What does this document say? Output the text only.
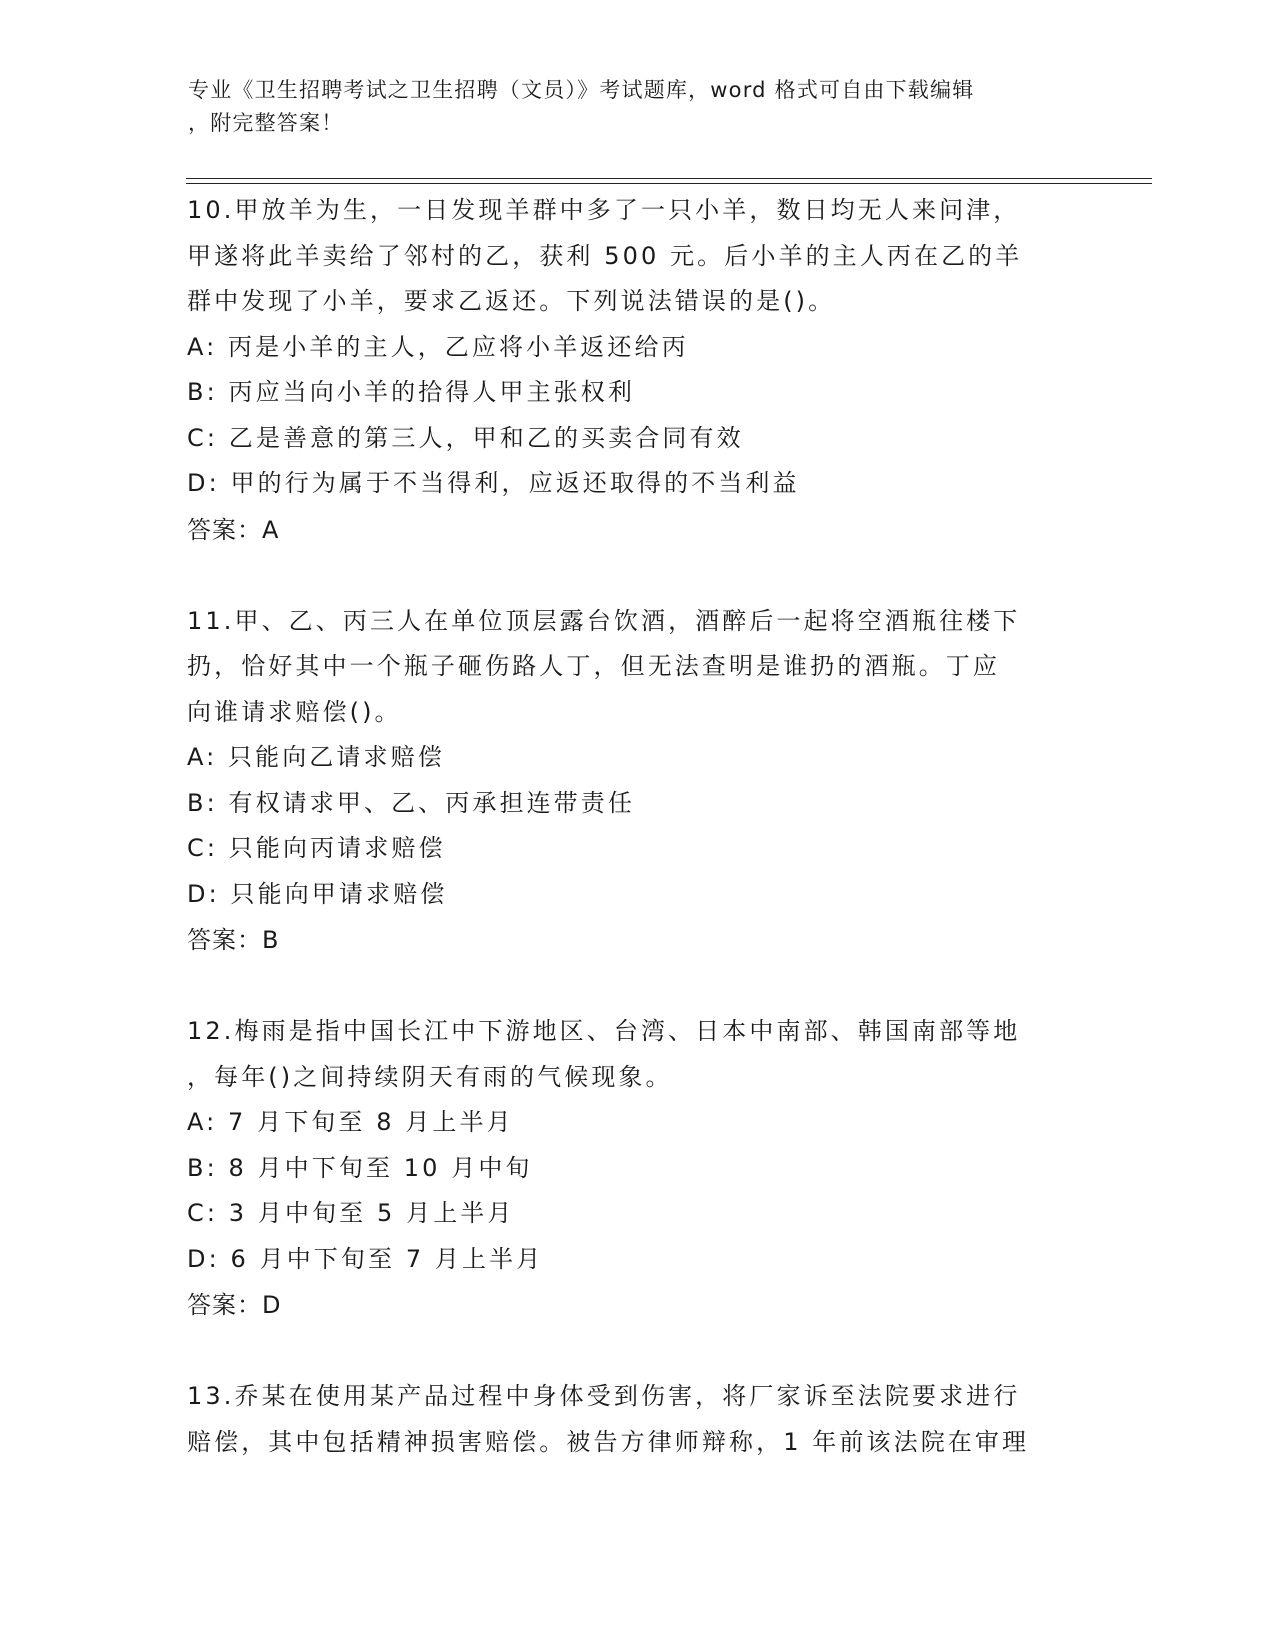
专业《卫生招聘考试之卫生招聘（文员）》考试题库，word 格式可自由下载编辑
，附完整答案！

10.甲放羊为生，一日发现羊群中多了一只小羊，数日均无人来问津，

甲遂将此羊卖给了邻村的乙，获利 500 元。后小羊的主人丙在乙的羊

群中发现了小羊，要求乙返还。下列说法错误的是()。

A: 丙是小羊的主人，乙应将小羊返还给丙

B: 丙应当向小羊的拾得人甲主张权利

C: 乙是善意的第三人，甲和乙的买卖合同有效

D: 甲的行为属于不当得利，应返还取得的不当利益

答案：A

11.甲、乙、丙三人在单位顶层露台饮酒，酒醉后一起将空酒瓶往楼下

扔，恰好其中一个瓶子砸伤路人丁，但无法查明是谁扔的酒瓶。丁应

向谁请求赔偿()。

A: 只能向乙请求赔偿

B: 有权请求甲、乙、丙承担连带责任

C: 只能向丙请求赔偿

D: 只能向甲请求赔偿

答案：B

12.梅雨是指中国长江中下游地区、台湾、日本中南部、韩国南部等地

，每年()之间持续阴天有雨的气候现象。

A: 7 月下旬至 8 月上半月

B: 8 月中下旬至 10 月中旬

C: 3 月中旬至 5 月上半月

D: 6 月中下旬至 7 月上半月

答案：D

13.乔某在使用某产品过程中身体受到伤害，将厂家诉至法院要求进行

赔偿，其中包括精神损害赔偿。被告方律师辩称，1 年前该法院在审理
